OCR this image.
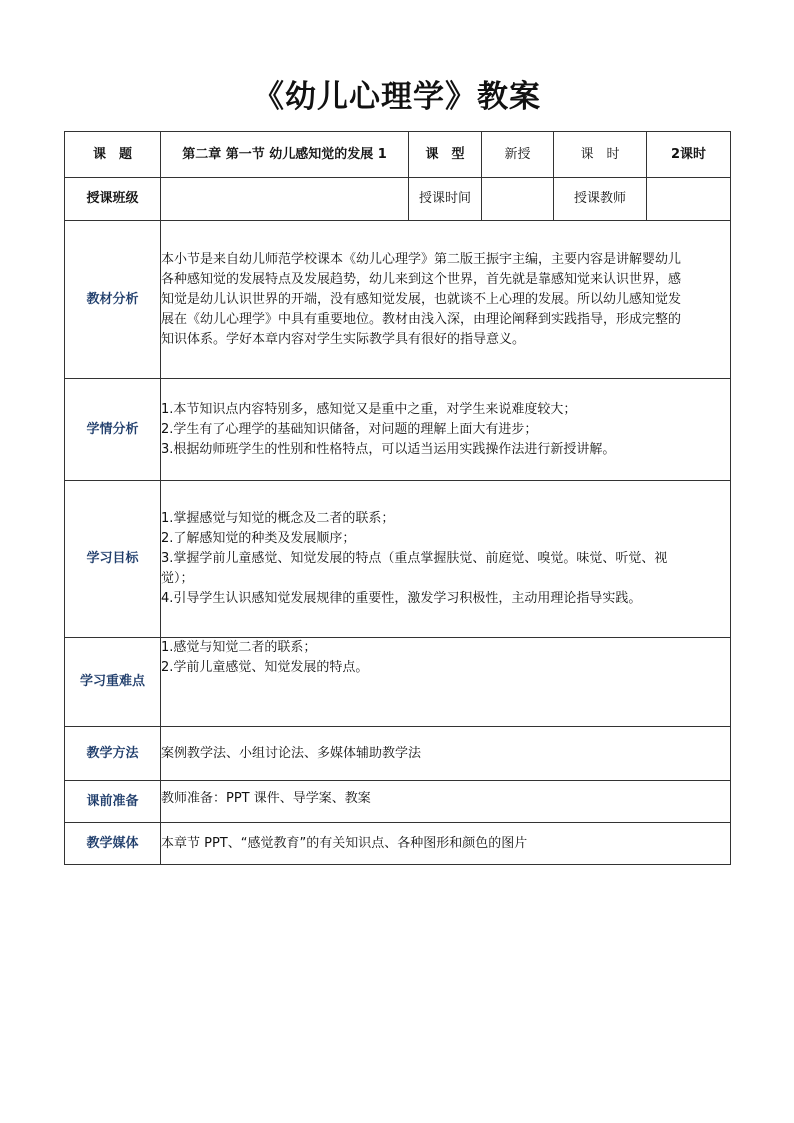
《幼儿心理学》教案
课　题	第二章 第一节 幼儿感知觉的发展 1	课　型	新授	课　时	2课时
授课班级		授课时间		授课教师	
教材分析	本小节是来自幼儿师范学校课本《幼儿心理学》第二版王振宇主编，主要内容是讲解婴幼儿
各种感知觉的发展特点及发展趋势，幼儿来到这个世界，首先就是靠感知觉来认识世界，感
知觉是幼儿认识世界的开端，没有感知觉发展，也就谈不上心理的发展。所以幼儿感知觉发
展在《幼儿心理学》中具有重要地位。教材由浅入深，由理论阐释到实践指导，形成完整的
知识体系。学好本章内容对学生实际教学具有很好的指导意义。				

学情分析	1.本节知识点内容特别多，感知觉又是重中之重，对学生来说难度较大；
2.学生有了心理学的基础知识储备，对问题的理解上面大有进步；
3.根据幼师班学生的性别和性格特点，可以适当运用实践操作法进行新授讲解。				

学习目标	1.掌握感觉与知觉的概念及二者的联系；
2.了解感知觉的种类及发展顺序；
3.掌握学前儿童感觉、知觉发展的特点（重点掌握肤觉、前庭觉、嗅觉。味觉、听觉、视
觉）；
4.引导学生认识感知觉发展规律的重要性，激发学习积极性，主动用理论指导实践。				

学习重难点	1.感觉与知觉二者的联系；
2.学前儿童感觉、知觉发展的特点。				

教学方法	案例教学法、小组讨论法、多媒体辅助教学法				

课前准备	教师准备：PPT 课件、导学案、教案				

教学媒体	本章节 PPT、“感觉教育”的有关知识点、各种图形和颜色的图片				
